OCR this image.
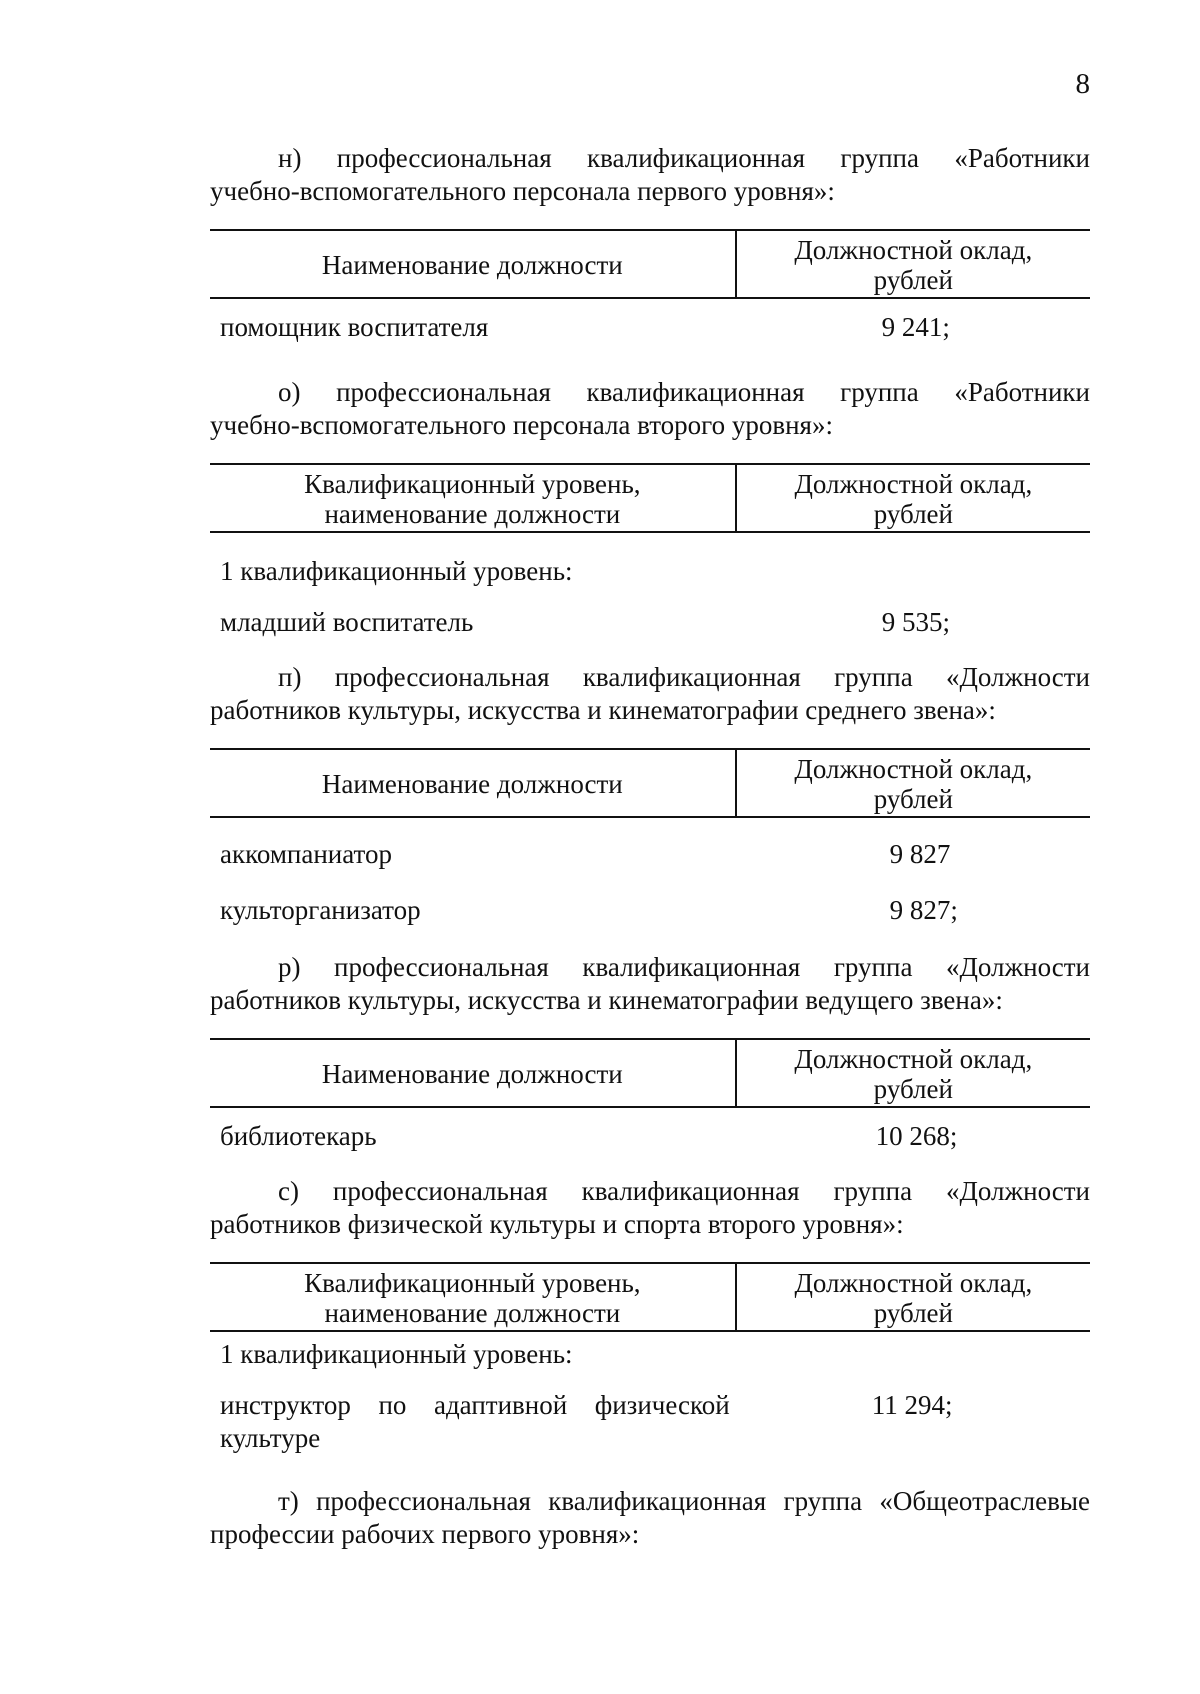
8

н) профессиональная квалификационная группа «Работники
учебно-вспомогательного персонала первого уровня»:

Наименование должности	Должностной оклад,
рублей
помощник воспитателя	9 241;

о) профессиональная квалификационная группа «Работники
учебно-вспомогательного персонала второго уровня»:

Квалификационный уровень,
наименование должности	Должностной оклад,
рублей
1 квалификационный уровень:	
младший воспитатель	9 535;

п) профессиональная квалификационная группа «Должности
работников культуры, искусства и кинематографии среднего звена»:

Наименование должности	Должностной оклад,
рублей
аккомпаниатор	9 827
культорганизатор	9 827;

р) профессиональная квалификационная группа «Должности
работников культуры, искусства и кинематографии ведущего звена»:

Наименование должности	Должностной оклад,
рублей
библиотекарь	10 268;

с) профессиональная квалификационная группа «Должности
работников физической культуры и спорта второго уровня»:

Квалификационный уровень,
наименование должности	Должностной оклад,
рублей
1 квалификационный уровень:	

инструктор по адаптивной физической	11 294;
культуре	

т) профессиональная квалификационная группа «Общеотраслевые
профессии рабочих первого уровня»:
